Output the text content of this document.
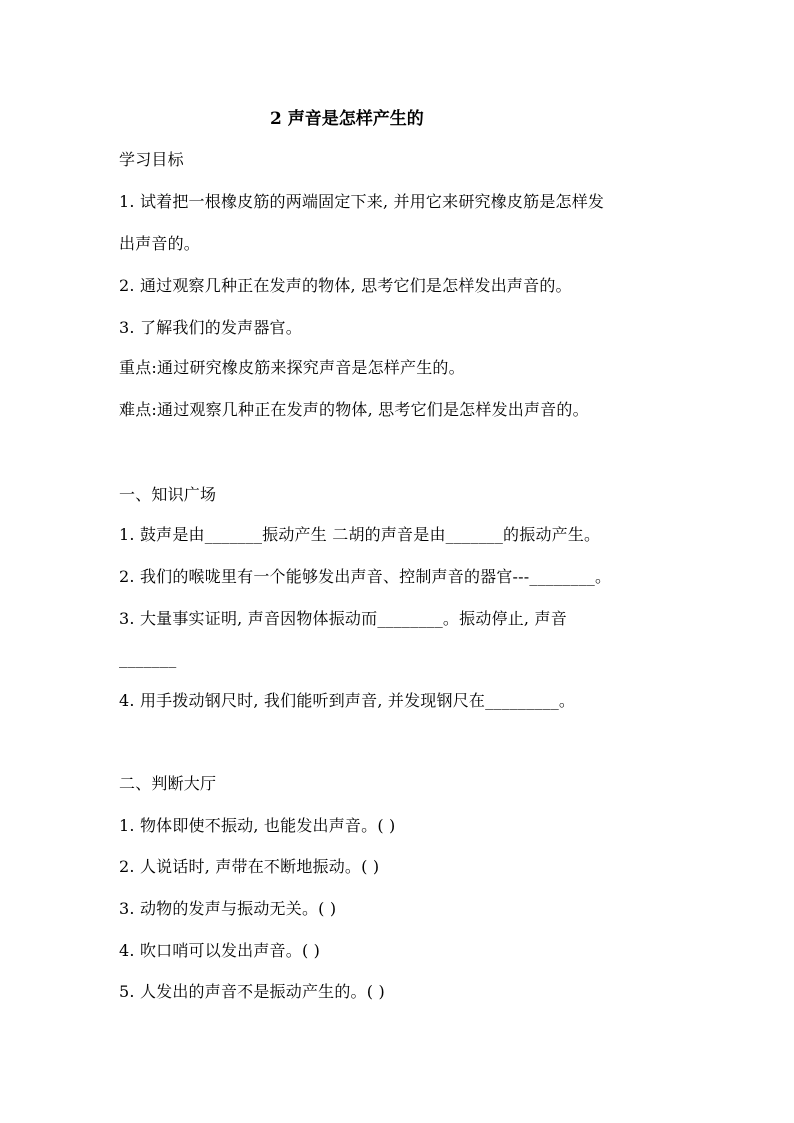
2 声音是怎样产生的
学习目标
1. 试着把一根橡皮筋的两端固定下来, 并用它来研究橡皮筋是怎样发
出声音的。
2. 通过观察几种正在发声的物体, 思考它们是怎样发出声音的。
3. 了解我们的发声器官。
重点:通过研究橡皮筋来探究声音是怎样产生的。
难点:通过观察几种正在发声的物体, 思考它们是怎样发出声音的。
一、知识广场
1. 鼓声是由_______振动产生 二胡的声音是由_______的振动产生。
2. 我们的喉咙里有一个能够发出声音、控制声音的器官---________。
3. 大量事实证明, 声音因物体振动而________。振动停止, 声音
_______
4. 用手拨动钢尺时, 我们能听到声音, 并发现钢尺在_________。
二、判断大厅
1. 物体即使不振动, 也能发出声音。( )
2. 人说话时, 声带在不断地振动。( )
3. 动物的发声与振动无关。( )
4. 吹口哨可以发出声音。( )
5. 人发出的声音不是振动产生的。( )
